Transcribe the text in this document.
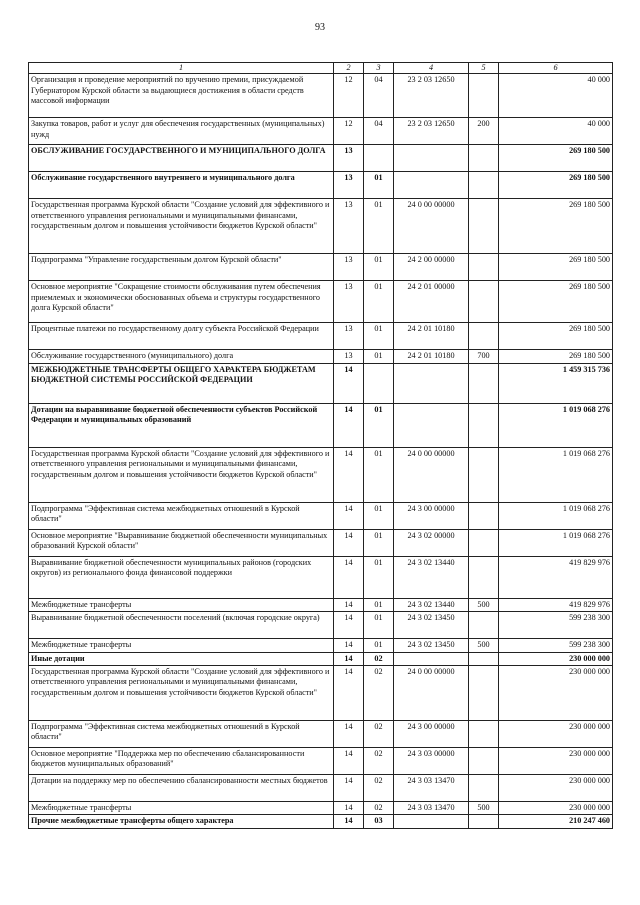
93
1	2	3	4	5	6
Организация и проведение мероприятий по вручению премии, присуждаемой Губернатором Курской области за выдающиеся достижения в области средств массовой информации	12	04	23 2 03 12650		40 000
Закупка товаров, работ и услуг для обеспечения государственных (муниципальных) нужд	12	04	23 2 03 12650	200	40 000
ОБСЛУЖИВАНИЕ ГОСУДАРСТВЕННОГО И МУНИЦИПАЛЬНОГО ДОЛГА	13				269 180 500
Обслуживание государственного внутреннего и муниципального долга	13	01			269 180 500
Государственная программа Курской области "Создание условий для эффективного и ответственного управления региональными и муниципальными финансами, государственным долгом и повышения устойчивости бюджетов Курской области"	13	01	24 0 00 00000		269 180 500
Подпрограмма "Управление государственным долгом Курской области"	13	01	24 2 00 00000		269 180 500
Основное мероприятие "Сокращение стоимости обслуживания путем обеспечения приемлемых и экономически обоснованных объема и структуры государственного долга Курской области"	13	01	24 2 01 00000		269 180 500
Процентные платежи по государственному долгу субъекта Российской Федерации	13	01	24 2 01 10180		269 180 500
Обслуживание государственного (муниципального) долга	13	01	24 2 01 10180	700	269 180 500
МЕЖБЮДЖЕТНЫЕ ТРАНСФЕРТЫ ОБЩЕГО ХАРАКТЕРА БЮДЖЕТАМ БЮДЖЕТНОЙ СИСТЕМЫ РОССИЙСКОЙ ФЕДЕРАЦИИ	14				1 459 315 736
Дотации на выравнивание бюджетной обеспеченности субъектов Российской Федерации и муниципальных образований	14	01			1 019 068 276
Государственная программа Курской области "Создание условий для эффективного и ответственного управления региональными и муниципальными финансами, государственным долгом и повышения устойчивости бюджетов Курской области"	14	01	24 0 00 00000		1 019 068 276
Подпрограмма "Эффективная система межбюджетных отношений в Курской области"	14	01	24 3 00 00000		1 019 068 276
Основное мероприятие "Выравнивание бюджетной обеспеченности муниципальных образований Курской области"	14	01	24 3 02 00000		1 019 068 276
Выравнивание бюджетной обеспеченности муниципальных районов (городских округов) из регионального фонда финансовой поддержки	14	01	24 3 02 13440		419 829 976
Межбюджетные трансферты	14	01	24 3 02 13440	500	419 829 976
Выравнивание бюджетной обеспеченности поселений (включая городские округа)	14	01	24 3 02 13450		599 238 300
Межбюджетные трансферты	14	01	24 3 02 13450	500	599 238 300
Иные дотации	14	02			230 000 000
Государственная программа Курской области "Создание условий для эффективного и ответственного управления региональными и муниципальными финансами, государственным долгом и повышения устойчивости бюджетов Курской области"	14	02	24 0 00 00000		230 000 000
Подпрограмма "Эффективная система межбюджетных отношений в Курской области"	14	02	24 3 00 00000		230 000 000
Основное мероприятие "Поддержка мер по обеспечению сбалансированности бюджетов муниципальных образований"	14	02	24 3 03 00000		230 000 000
Дотации на поддержку мер по обеспечению сбалансированности местных бюджетов	14	02	24 3 03 13470		230 000 000
Межбюджетные трансферты	14	02	24 3 03 13470	500	230 000 000
Прочие межбюджетные трансферты общего характера	14	03			210 247 460
